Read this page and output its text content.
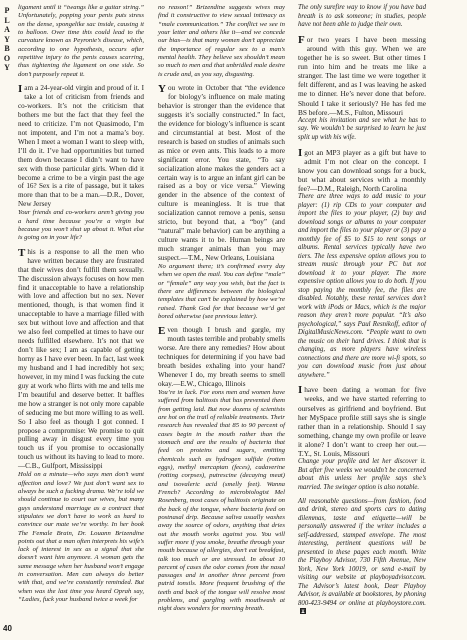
P
L
A
Y
B
O
Y

ligament until it “twangs like a guitar string.” Unfortunately, popping your penis puts stress on the dense, spongelike sac inside, causing it to balloon. Over time this could lead to the curvature known as Peyronie’s disease, which, according to one hypothesis, occurs after repetitive injury to the penis causes scarring, thus tightening the ligament on one side. So don’t purposely repeat it.

I am a 24-year-old virgin and proud of it. I take a lot of criticism from friends and co-workers. It’s not the criticism that bothers me but the fact that they feel the need to criticize. I’m not Quasimodo, I’m not impotent, and I’m not a mama’s boy. When I meet a woman I want to sleep with, I’ll do it. I’ve had opportunities but turned them down because I didn’t want to have sex with those particular girls. When did it become a crime to be a virgin past the age of 16? Sex is a rite of passage, but it takes more than that to be a man.—D.R., Dover, New Jersey

Your friends and co-workers aren’t giving you a hard time because you’re a virgin but because you won’t shut up about it. What else is going on in your life?

This is a response to all the men who have written because they are frustrated that their wives don’t fulfill them sexually. The discussion always focuses on how men find it unacceptable to have a relationship with love and affection but no sex. Never mentioned, though, is that women find it unacceptable to have a marriage filled with sex but without love and affection and that we also feel compelled at times to have our needs fulfilled elsewhere. It’s not that we don’t like sex; I am as capable of getting horny as I have ever been. In fact, last week my husband and I had incredibly hot sex; however, in my mind I was fucking the cute guy at work who flirts with me and tells me I’m beautiful and deserve better. It baffles me how a stranger is not only more capable of seducing me but more willing to as well. So I also feel as though I got conned. I propose a compromise: We promise to quit pulling away in disgust every time you touch us if you promise to occasionally touch us without its having to lead to more.—C.B., Gulfport, Mississippi

Hold on a minute—who says men don’t want affection and love? We just don’t want sex to always be such a fucking drama. We’re told we should continue to court our wives, but many guys understand marriage as a contract that stipulates we don’t have to work as hard to convince our mate we’re worthy. In her book The Female Brain, Dr. Louann Brizendine points out that a man often interprets his wife’s lack of interest in sex as a signal that she doesn’t want him anymore. A woman gets the same message when her husband won’t engage in conversation. Men can always do better with that, and we’re constantly reminded. But when was the last time you heard Oprah say, “Ladies, fuck your husband twice a week for

no reason!” Brizendine suggests wives may find it constructive to view sexual intimacy as “male communication.” The conflict we see in your letter and others like it—and we concede our bias—is that many women don’t appreciate the importance of regular sex to a man’s mental health. They believe sex shouldn’t mean so much to men and that unbridled male desire is crude and, as you say, disgusting.

You wrote in October that “the evidence for biology’s influence on male mating behavior is stronger than the evidence that suggests it’s socially constructed.” In fact, the evidence for biology’s influence is scant and circumstantial at best. Most of the research is based on studies of animals such as mice or even ants. This leads to a more significant error. You state, “To say socialization alone makes the genders act a certain way is to argue an infant girl can be raised as a boy or vice versa.” Viewing gender in the absence of the context of culture is meaningless. It is true that socialization cannot remove a penis, sensu stricto, but beyond that, a “boy” (and “natural” male behavior) can be anything a culture wants it to be. Human beings are much stranger animals than you may suspect.—T.M., New Orleans, Louisiana

No argument there; it’s confirmed every day when we open the mail. You can define “male” or “female” any way you wish, but the fact is there are differences between the biological templates that can’t be explained by how we’re raised. Thank God for that because we’d get bored otherwise (see previous letter).

Even though I brush and gargle, my mouth tastes terrible and probably smells worse. Are there any remedies? How about techniques for determining if you have bad breath besides exhaling into your hand? Whenever I do, my breath seems to smell okay.—E.W., Chicago, Illinois

You’re in luck. For eons men and women have suffered from halitosis that has prevented them from getting laid. But now dozens of scientists are hot on the trail of reliable treatments. Their research has revealed that 85 to 90 percent of cases begin in the mouth rather than the stomach and are the results of bacteria that feed on proteins and sugars, emitting chemicals such as hydrogen sulfide (rotten eggs), methyl mercaptan (feces), cadaverine (rotting corpses), putrescine (decaying meat) and isovaleric acid (smelly feet). Wanna French? According to microbiologist Mel Rosenberg, most cases of halitosis originate on the back of the tongue, where bacteria feed on postnasal drip. Because saliva usually washes away the source of odors, anything that dries out the mouth works against you. You will suffer more if you smoke, breathe through your mouth because of allergies, don’t eat breakfast, talk too much or are stressed. In about 10 percent of cases the odor comes from the nasal passages and in another three percent from putrid tonsils. More frequent brushing of the teeth and back of the tongue will resolve most problems, and gargling with mouthwash at night does wonders for morning breath.

The only surefire way to know if you have bad breath is to ask someone; in studies, people have not been able to judge their own.

For two years I have been messing around with this guy. When we are together he is so sweet. But other times I run into him and he treats me like a stranger. The last time we were together it felt different, and as I was leaving he asked me to dinner. He’s never done that before. Should I take it seriously? He has fed me BS before.—M.S., Fulton, Missouri

Accept his invitation and see what he has to say. We wouldn’t be surprised to learn he just split up with his wife.

I got an MP3 player as a gift but have to admit I’m not clear on the concept. I know you can download songs for a buck, but what about services with a monthly fee?—D.M., Raleigh, North Carolina

There are three ways to add music to your player: (1) rip CDs to your computer and import the files to your player, (2) buy and download songs or albums to your computer and import the files to your player or (3) pay a monthly fee of $5 to $15 to rent songs or albums. Rental services typically have two tiers. The less expensive option allows you to stream music through your PC but not download it to your player. The more expensive option allows you to do both. If you stop paying the monthly fee, the files are disabled. Notably, these rental services don’t work with iPods or Macs, which is the major reason they aren’t more popular. “It’s also psychological,” says Paul Resnikoff, editor of DigitalMusicNews.com. “People want to own the music on their hard drives. I think that is changing, as more players have wireless connections and there are more wi-fi spots, so you can download music from just about anywhere.”

I have been dating a woman for five weeks, and we have started referring to ourselves as girlfriend and boyfriend. But her MySpace profile still says she is single rather than in a relationship. Should I say something, change my own profile or leave it alone? I don’t want to creep her out.—T.Y., St. Louis, Missouri

Change your profile and let her discover it. But after five weeks we wouldn’t be concerned about this unless her profile says she’s married. The swinger option is also notable.

All reasonable questions—from fashion, food and drink, stereo and sports cars to dating dilemmas, taste and etiquette—will be personally answered if the writer includes a self-addressed, stamped envelope. The most interesting, pertinent questions will be presented in these pages each month. Write the Playboy Advisor, 730 Fifth Avenue, New York, New York 10019, or send e-mail by visiting our website at playboyadvisor.com. The Advisor’s latest book, Dear Playboy Advisor, is available at bookstores, by phoning 800-423-9494 or online at playboystore.com.

40
